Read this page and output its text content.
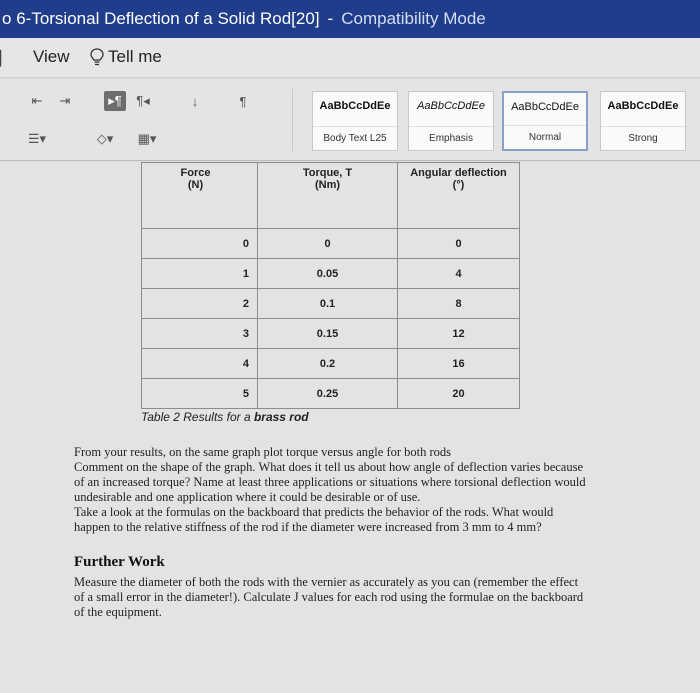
o 6-Torsional Deflection of a Solid Rod[20] - Compatibility Mode
▏ View Tell me
⇤	⇥	▸¶	¶◂	↓	¶
☰▾	◇▾ ▦▾
AaBbCcDdEe
Body Text L25
AaBbCcDdEe
Emphasis
AaBbCcDdEe
Normal
AaBbCcDdEe
Strong
Force
(N)	Torque, T
(Nm)	Angular deflection
(°)

0	0	0
1	0.05	4
2	0.1	8
3	0.15	12
4	0.2	16
5	0.25	20
Table 2 Results for a brass rod
From your results, on the same graph plot torque versus angle for both rods
Comment on the shape of the graph. What does it tell us about how angle of deflection varies because
of an increased torque? Name at least three applications or situations where torsional deflection would
undesirable and one application where it could be desirable or of use.
Take a look at the formulas on the backboard that predicts the behavior of the rods. What would
happen to the relative stiffness of the rod if the diameter were increased from 3 mm to 4 mm?
Further Work
Measure the diameter of both the rods with the vernier as accurately as you can (remember the effect
of a small error in the diameter!). Calculate J values for each rod using the formulae on the backboard
of the equipment.
